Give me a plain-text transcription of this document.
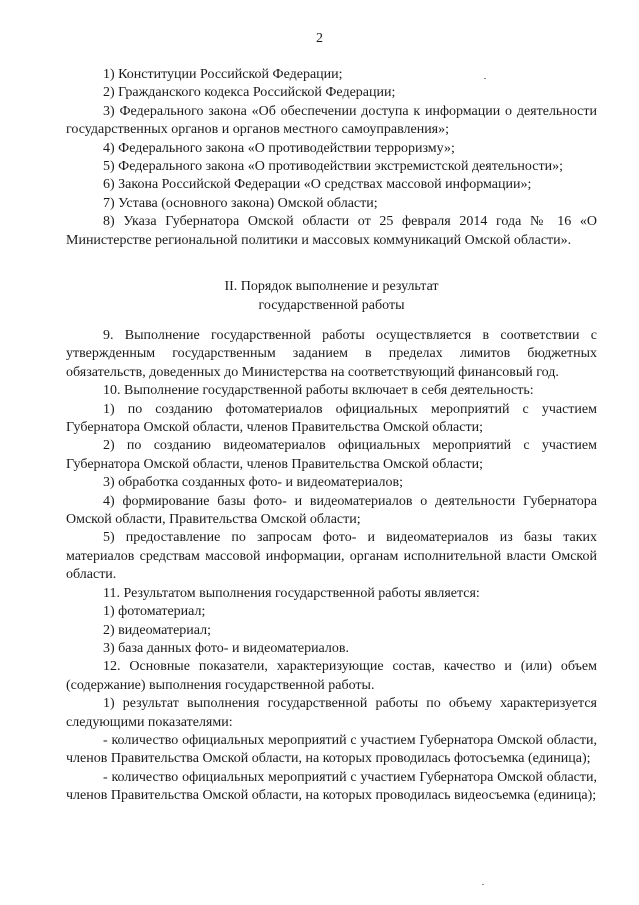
2

1) Конституции Российской Федерации;

2) Гражданского кодекса Российской Федерации;

3) Федерального закона «Об обеспечении доступа к информации о деятельности государственных органов и органов местного самоуправления»;

4) Федерального закона «О противодействии терроризму»;

5) Федерального закона «О противодействии экстремистской деятельности»;

6) Закона Российской Федерации «О средствах массовой информации»;

7) Устава (основного закона) Омской области;

8) Указа Губернатора Омской области от 25 февраля 2014 года № 16 «О Министерстве региональной политики и массовых коммуникаций Омской области».

II. Порядок выполнение и результат
государственной работы

9. Выполнение государственной работы осуществляется в соответствии с утвержденным государственным заданием в пределах лимитов бюджетных обязательств, доведенных до Министерства на соответствующий финансовый год.

10. Выполнение государственной работы включает в себя деятельность:

1) по созданию фотоматериалов официальных мероприятий с участием Губернатора Омской области, членов Правительства Омской области;

2) по созданию видеоматериалов официальных мероприятий с участием Губернатора Омской области, членов Правительства Омской области;

3) обработка созданных фото- и видеоматериалов;

4) формирование базы фото- и видеоматериалов о деятельности Губернатора Омской области, Правительства Омской области;

5) предоставление по запросам фото- и видеоматериалов из базы таких материалов средствам массовой информации, органам исполнительной власти Омской области.

11. Результатом выполнения государственной работы является:

1) фотоматериал;

2) видеоматериал;

3) база данных фото- и видеоматериалов.

12. Основные показатели, характеризующие состав, качество и (или) объем (содержание) выполнения государственной работы.

1) результат выполнения государственной работы по объему характеризуется следующими показателями:

- количество официальных мероприятий с участием Губернатора Омской области, членов Правительства Омской области, на которых проводилась фотосъемка (единица);

- количество официальных мероприятий с участием Губернатора Омской области, членов Правительства Омской области, на которых проводилась видеосъемка (единица);
